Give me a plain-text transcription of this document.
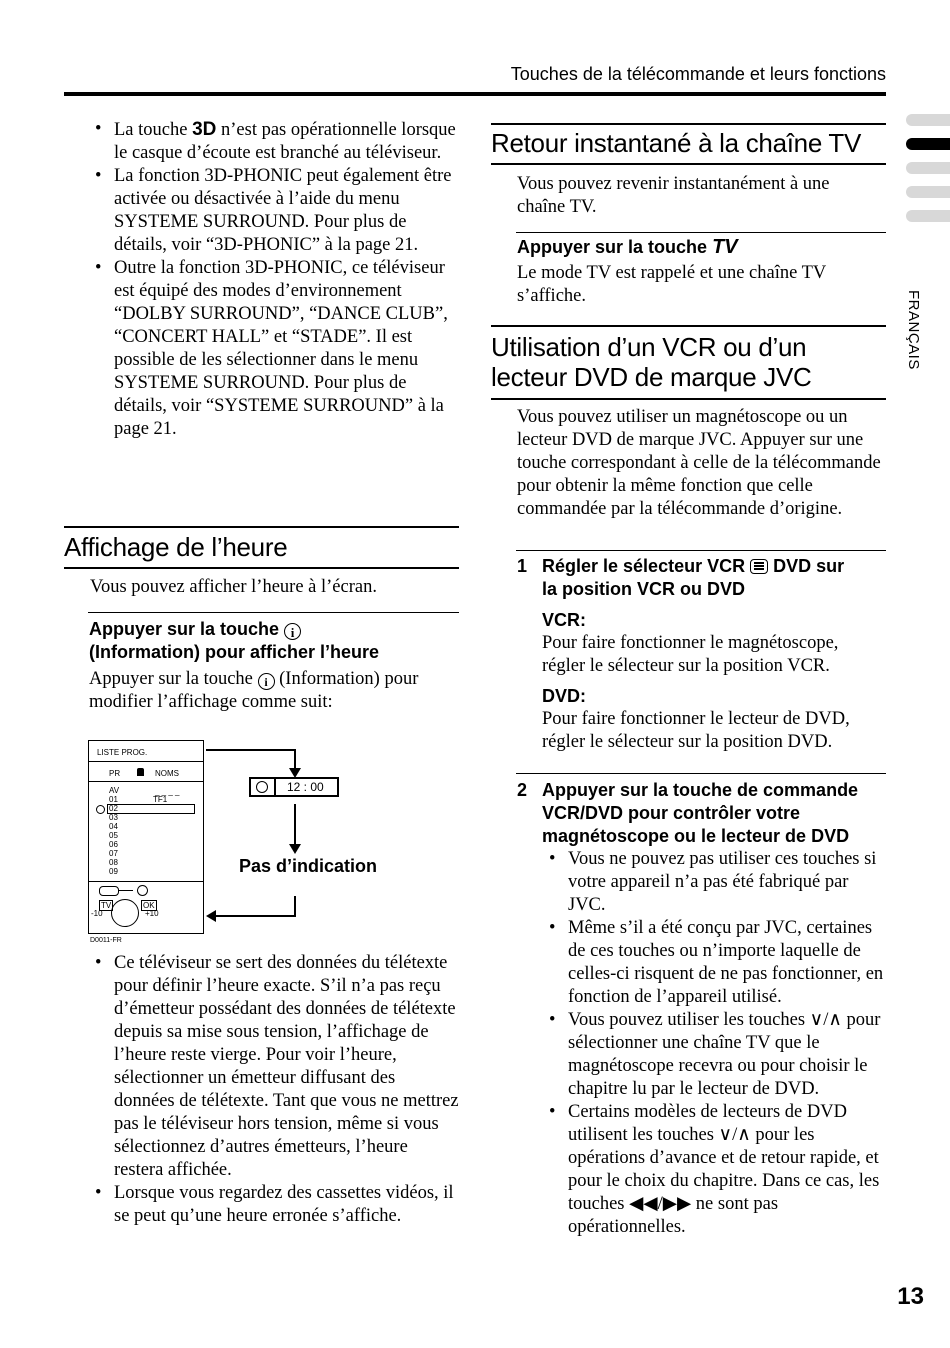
Touches de la télécommande et leurs fonctions
FRANÇAIS
13
• La touche 3D n’est pas opérationnelle lorsque le casque d’écoute est branché au téléviseur.
• La fonction 3D-PHONIC peut également être activée ou désactivée à l’aide du menu SYSTEME SURROUND. Pour plus de détails, voir “3D-PHONIC” à la page 21.
• Outre la fonction 3D-PHONIC, ce téléviseur est équipé des modes d’environnement “DOLBY SURROUND”, “DANCE CLUB”, “CONCERT HALL” et “STADE”. Il est possible de les sélectionner dans le menu SYSTEME SURROUND. Pour plus de détails, voir “SYSTEME SURROUND” à la page 21.
Affichage de l’heure
Vous pouvez afficher l’heure à l’écran.
Appuyer sur la touche i
(Information) pour afficher l’heure
Appuyer sur la touche i (Information) pour modifier l’affichage comme suit:
LISTE PROG.
PR	NOMS
AV
01
02
03
04
05
06
07
08
09
TF1
_ _ _ _
TV	OK
-10	+10
D0011-FR
12 : 00
Pas d’indication
• Ce téléviseur se sert des données du télétexte pour définir l’heure exacte. S’il n’a pas reçu d’émetteur possédant des données de télétexte depuis sa mise sous tension, l’affichage de l’heure reste vierge. Pour voir l’heure, sélectionner un émetteur diffusant des données de télétexte. Tant que vous ne mettrez pas le téléviseur hors tension, même si vous sélectionnez d’autres émetteurs, l’heure restera affichée.
• Lorsque vous regardez des cassettes vidéos, il se peut qu’une heure erronée s’affiche.
Retour instantané à la chaîne TV
Vous pouvez revenir instantanément à une chaîne TV.
Appuyer sur la touche TV
Le mode TV est rappelé et une chaîne TV s’affiche.
Utilisation d’un VCR ou d’un
lecteur DVD de marque JVC
Vous pouvez utiliser un magnétoscope ou un lecteur DVD de marque JVC. Appuyer sur une touche correspondant à celle de la télécommande pour obtenir la même fonction que celle commandée par la télécommande d’origine.
1 Régler le sélecteur VCR DVD sur
la position VCR ou DVD
VCR:
Pour faire fonctionner le magnétoscope, régler le sélecteur sur la position VCR.
DVD:
Pour faire fonctionner le lecteur de DVD, régler le sélecteur sur la position DVD.
2 Appuyer sur la touche de commande VCR/DVD pour contrôler votre magnétoscope ou le lecteur de DVD
• Vous ne pouvez pas utiliser ces touches si votre appareil n’a pas été fabriqué par JVC.
• Même s’il a été conçu par JVC, certaines de ces touches ou n’importe laquelle de celles-ci risquent de ne pas fonctionner, en fonction de l’appareil utilisé.
• Vous pouvez utiliser les touches ∨/∧ pour sélectionner une chaîne TV que le magnétoscope recevra ou pour choisir le chapitre lu par le lecteur de DVD.
• Certains modèles de lecteurs de DVD utilisent les touches ∨/∧ pour les opérations d’avance et de retour rapide, et pour le choix du chapitre. Dans ce cas, les touches ◀◀/▶▶ ne sont pas opérationnelles.
